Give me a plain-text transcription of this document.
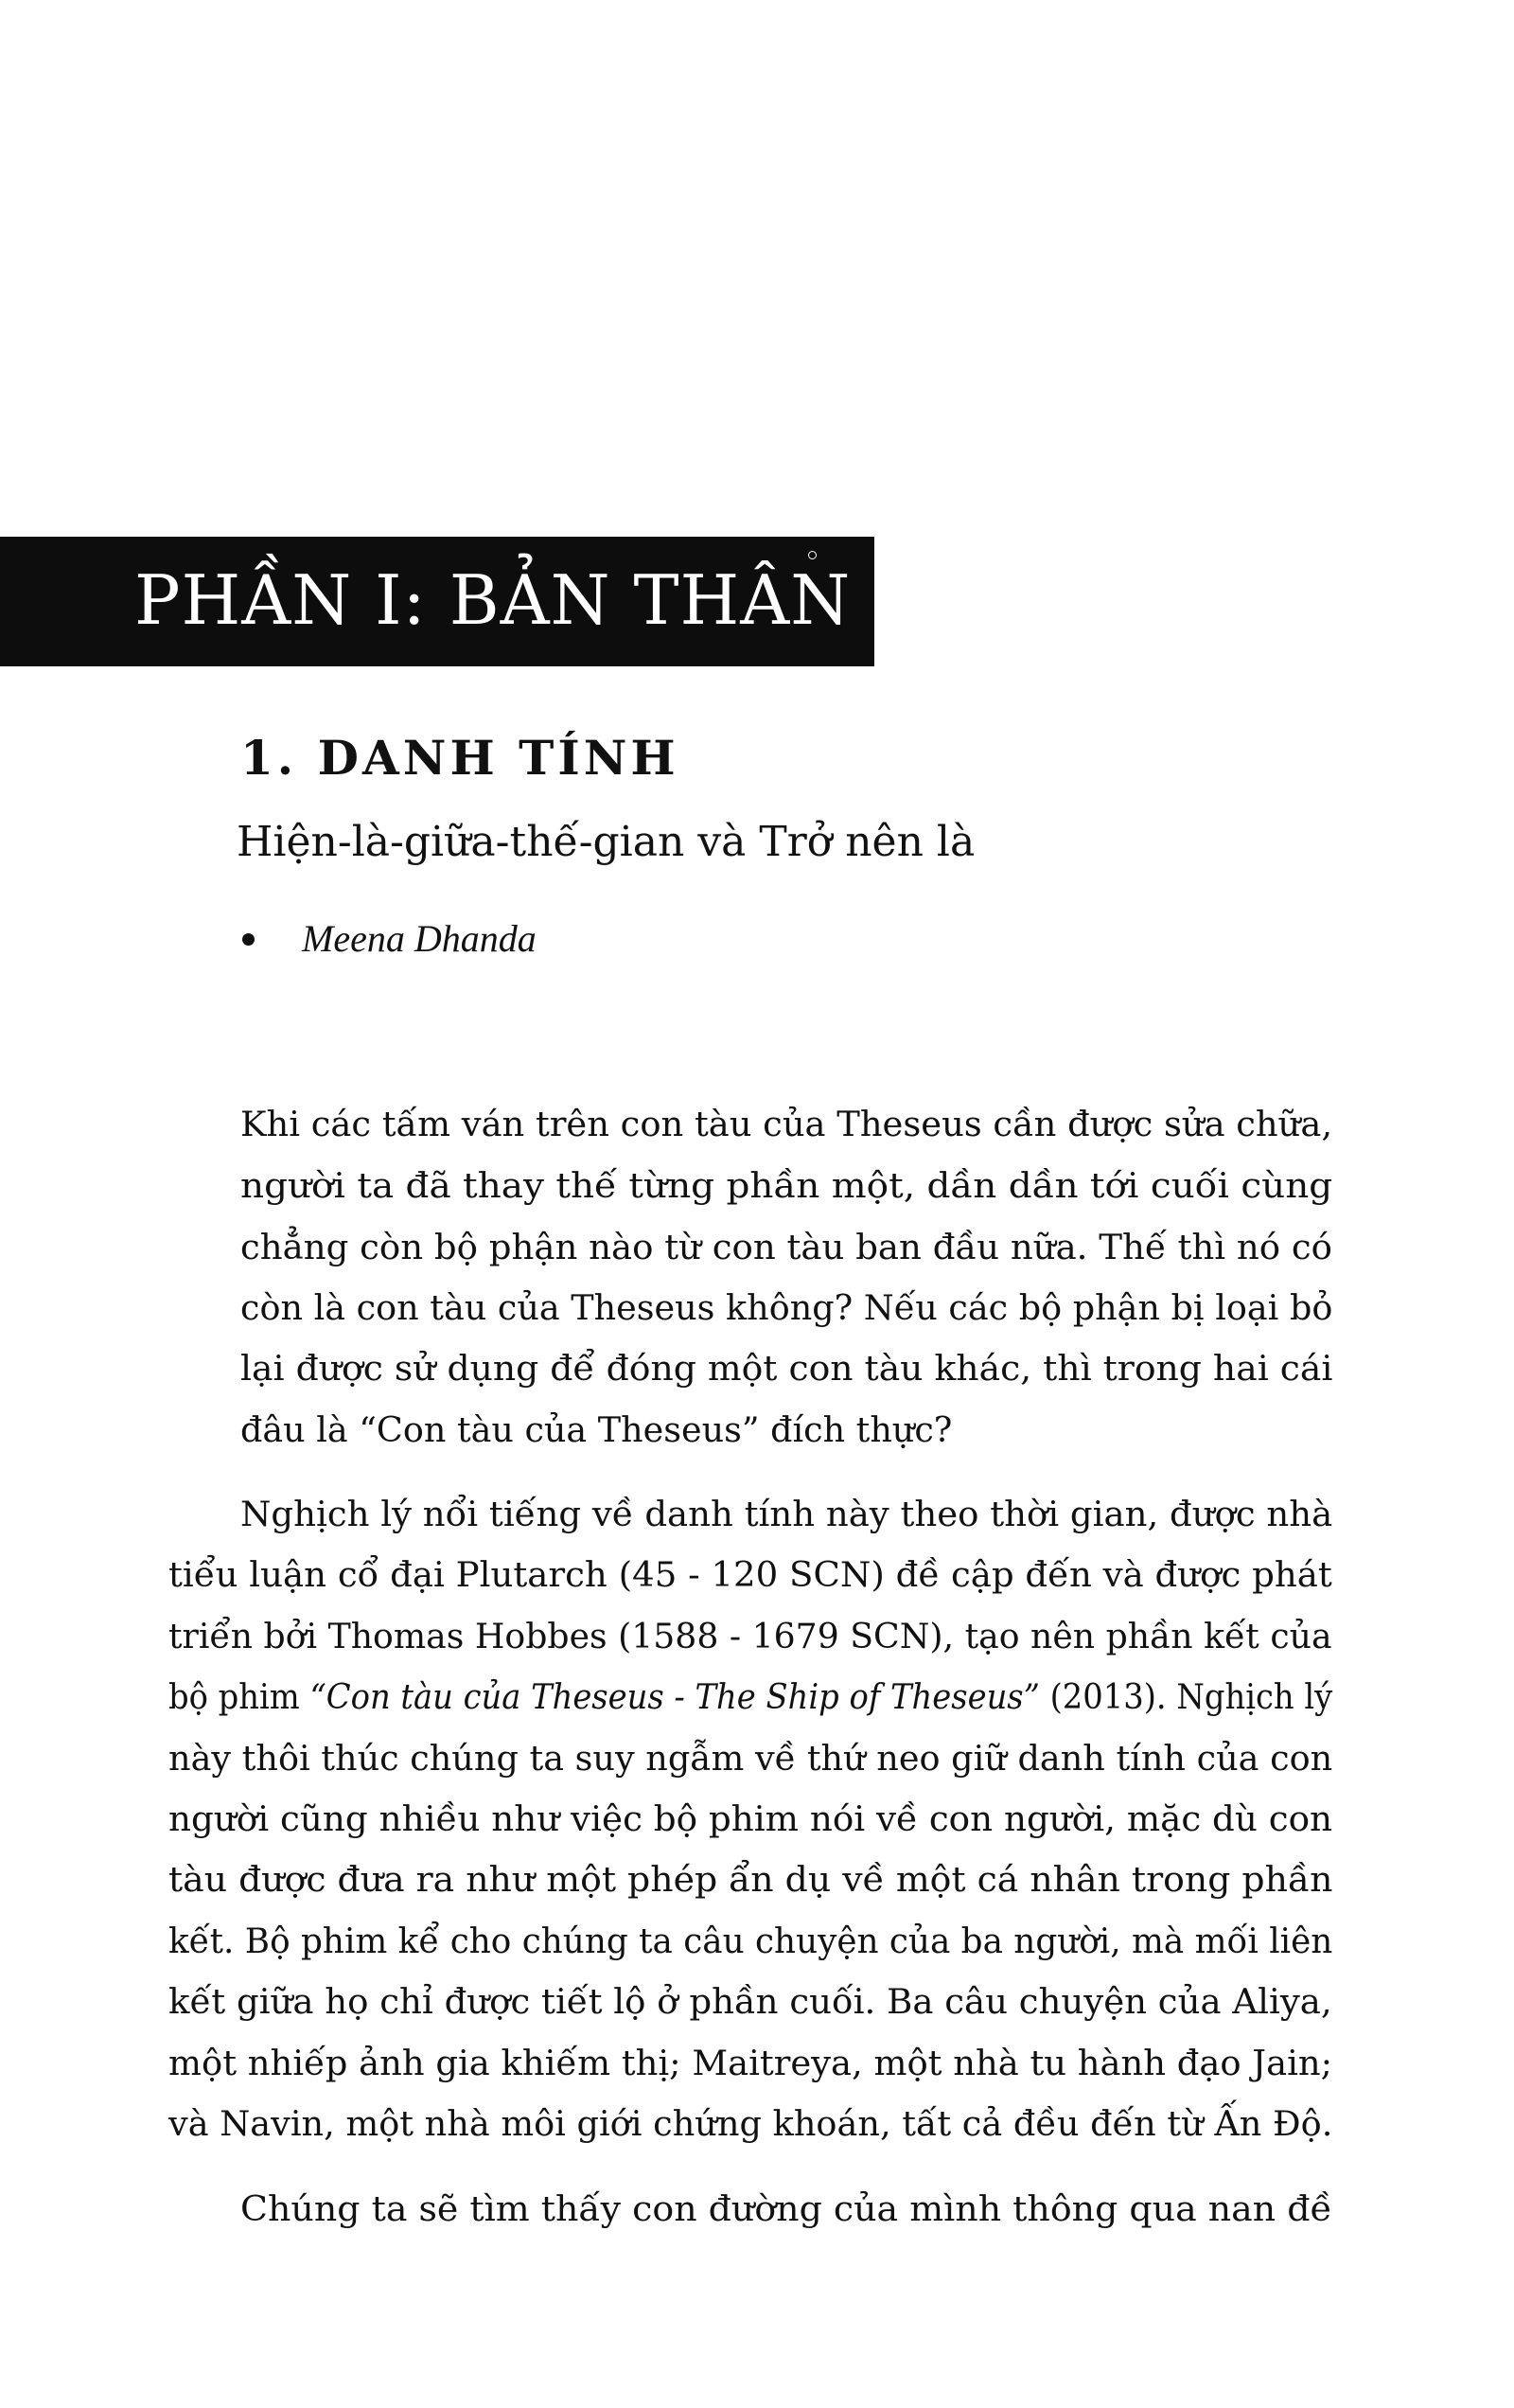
PHẦN I: BẢN THÂN
1. DANH TÍNH
Hiện-là-giữa-thế-gian và Trở nên là
Meena Dhanda

Khi các tấm ván trên con tàu của Theseus cần được sửa chữa,

người ta đã thay thế từng phần một, dần dần tới cuối cùng

chẳng còn bộ phận nào từ con tàu ban đầu nữa. Thế thì nó có

còn là con tàu của Theseus không? Nếu các bộ phận bị loại bỏ

lại được sử dụng để đóng một con tàu khác, thì trong hai cái

đâu là “Con tàu của Theseus” đích thực?

Nghịch lý nổi tiếng về danh tính này theo thời gian, được nhà

tiểu luận cổ đại Plutarch (45 - 120 SCN) đề cập đến và được phát

triển bởi Thomas Hobbes (1588 - 1679 SCN), tạo nên phần kết của

bộ phim “Con tàu của Theseus - The Ship of Theseus” (2013). Nghịch lý

này thôi thúc chúng ta suy ngẫm về thứ neo giữ danh tính của con

người cũng nhiều như việc bộ phim nói về con người, mặc dù con

tàu được đưa ra như một phép ẩn dụ về một cá nhân trong phần

kết. Bộ phim kể cho chúng ta câu chuyện của ba người, mà mối liên

kết giữa họ chỉ được tiết lộ ở phần cuối. Ba câu chuyện của Aliya,

một nhiếp ảnh gia khiếm thị; Maitreya, một nhà tu hành đạo Jain;

và Navin, một nhà môi giới chứng khoán, tất cả đều đến từ Ấn Độ.

Chúng ta sẽ tìm thấy con đường của mình thông qua nan đề
